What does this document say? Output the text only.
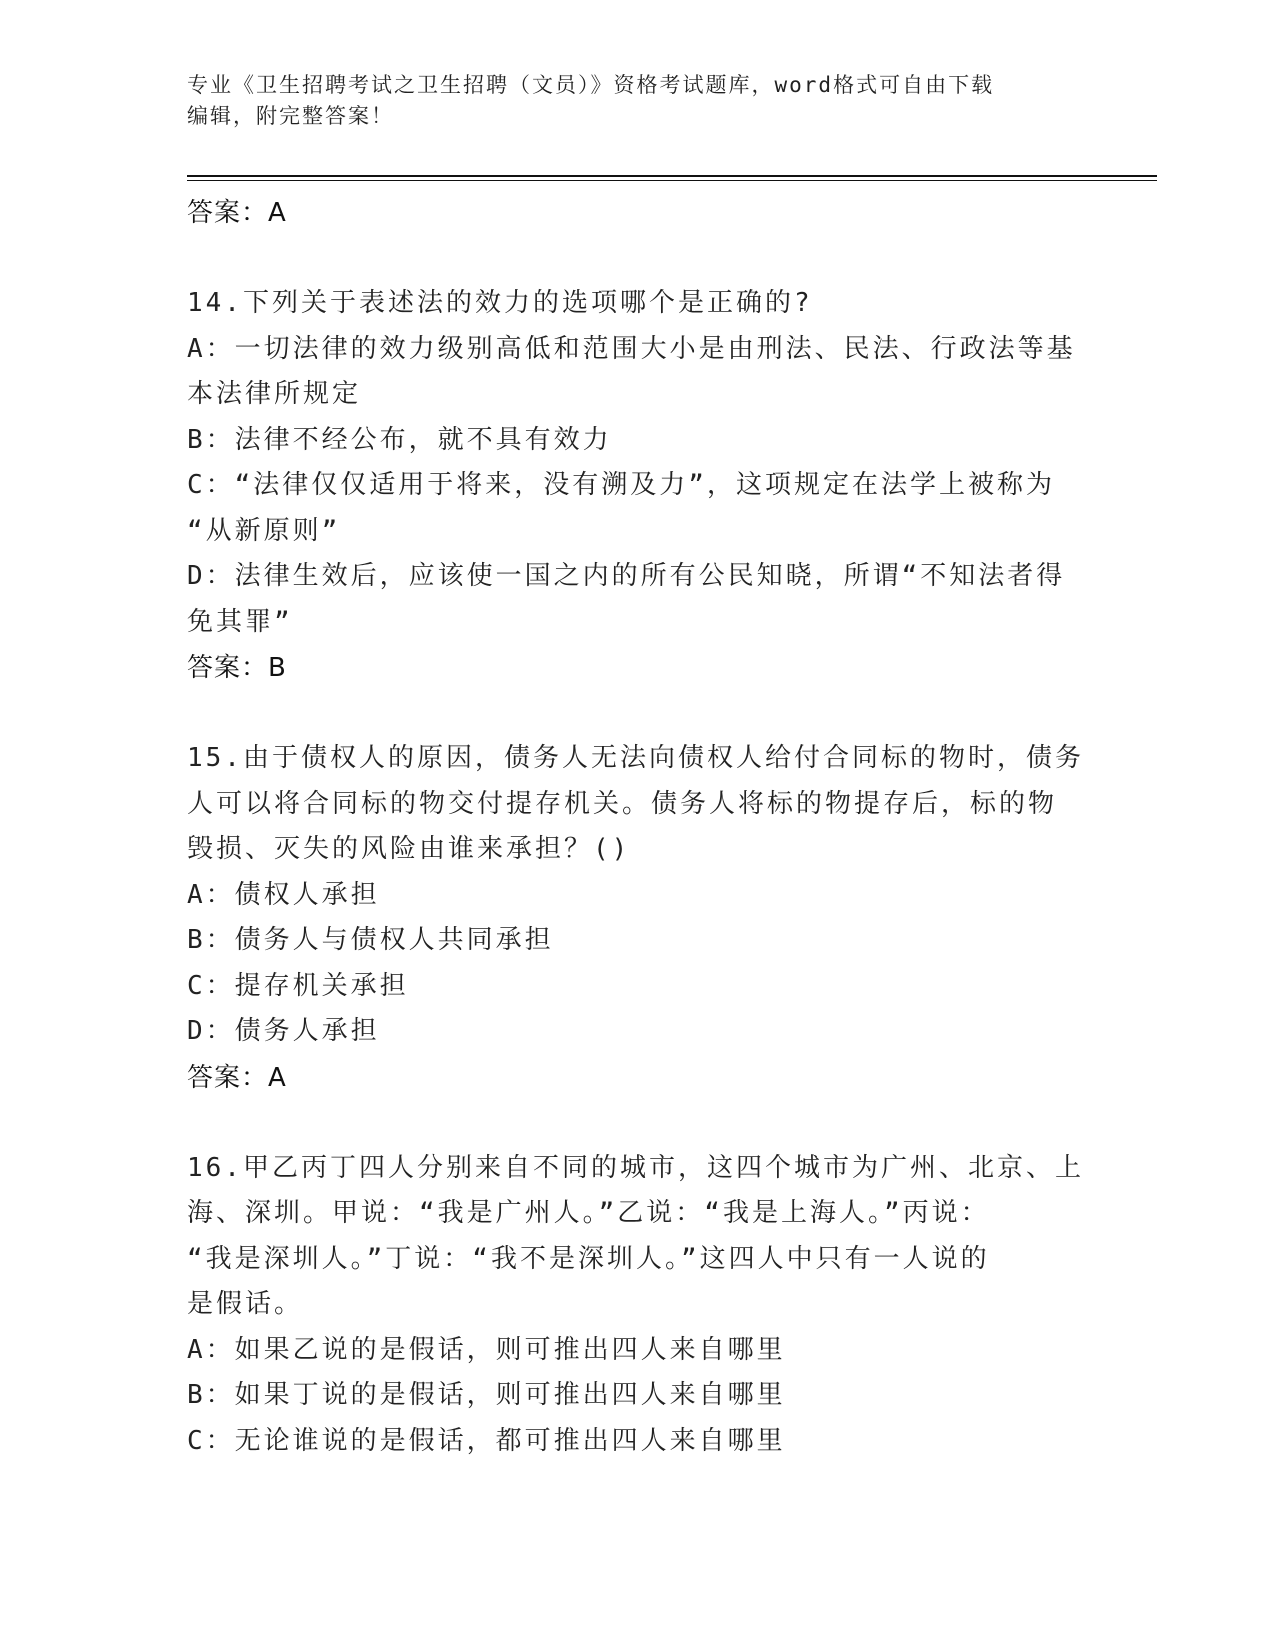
专业《卫生招聘考试之卫生招聘（文员）》资格考试题库，word格式可自由下载
编辑，附完整答案！
答案：A
14.下列关于表述法的效力的选项哪个是正确的?
A：一切法律的效力级别高低和范围大小是由刑法、民法、行政法等基
本法律所规定
B：法律不经公布，就不具有效力
C：“法律仅仅适用于将来，没有溯及力”，这项规定在法学上被称为
“从新原则”
D：法律生效后，应该使一国之内的所有公民知晓，所谓“不知法者得
免其罪”
答案：B
15.由于债权人的原因，债务人无法向债权人给付合同标的物时，债务
人可以将合同标的物交付提存机关。债务人将标的物提存后，标的物
毁损、灭失的风险由谁来承担？()
A：债权人承担
B：债务人与债权人共同承担
C：提存机关承担
D：债务人承担
答案：A
16.甲乙丙丁四人分别来自不同的城市，这四个城市为广州、北京、上
海、深圳。甲说：“我是广州人。”乙说：“我是上海人。”丙说：
“我是深圳人。”丁说：“我不是深圳人。”这四人中只有一人说的
是假话。
A：如果乙说的是假话，则可推出四人来自哪里
B：如果丁说的是假话，则可推出四人来自哪里
C：无论谁说的是假话，都可推出四人来自哪里
